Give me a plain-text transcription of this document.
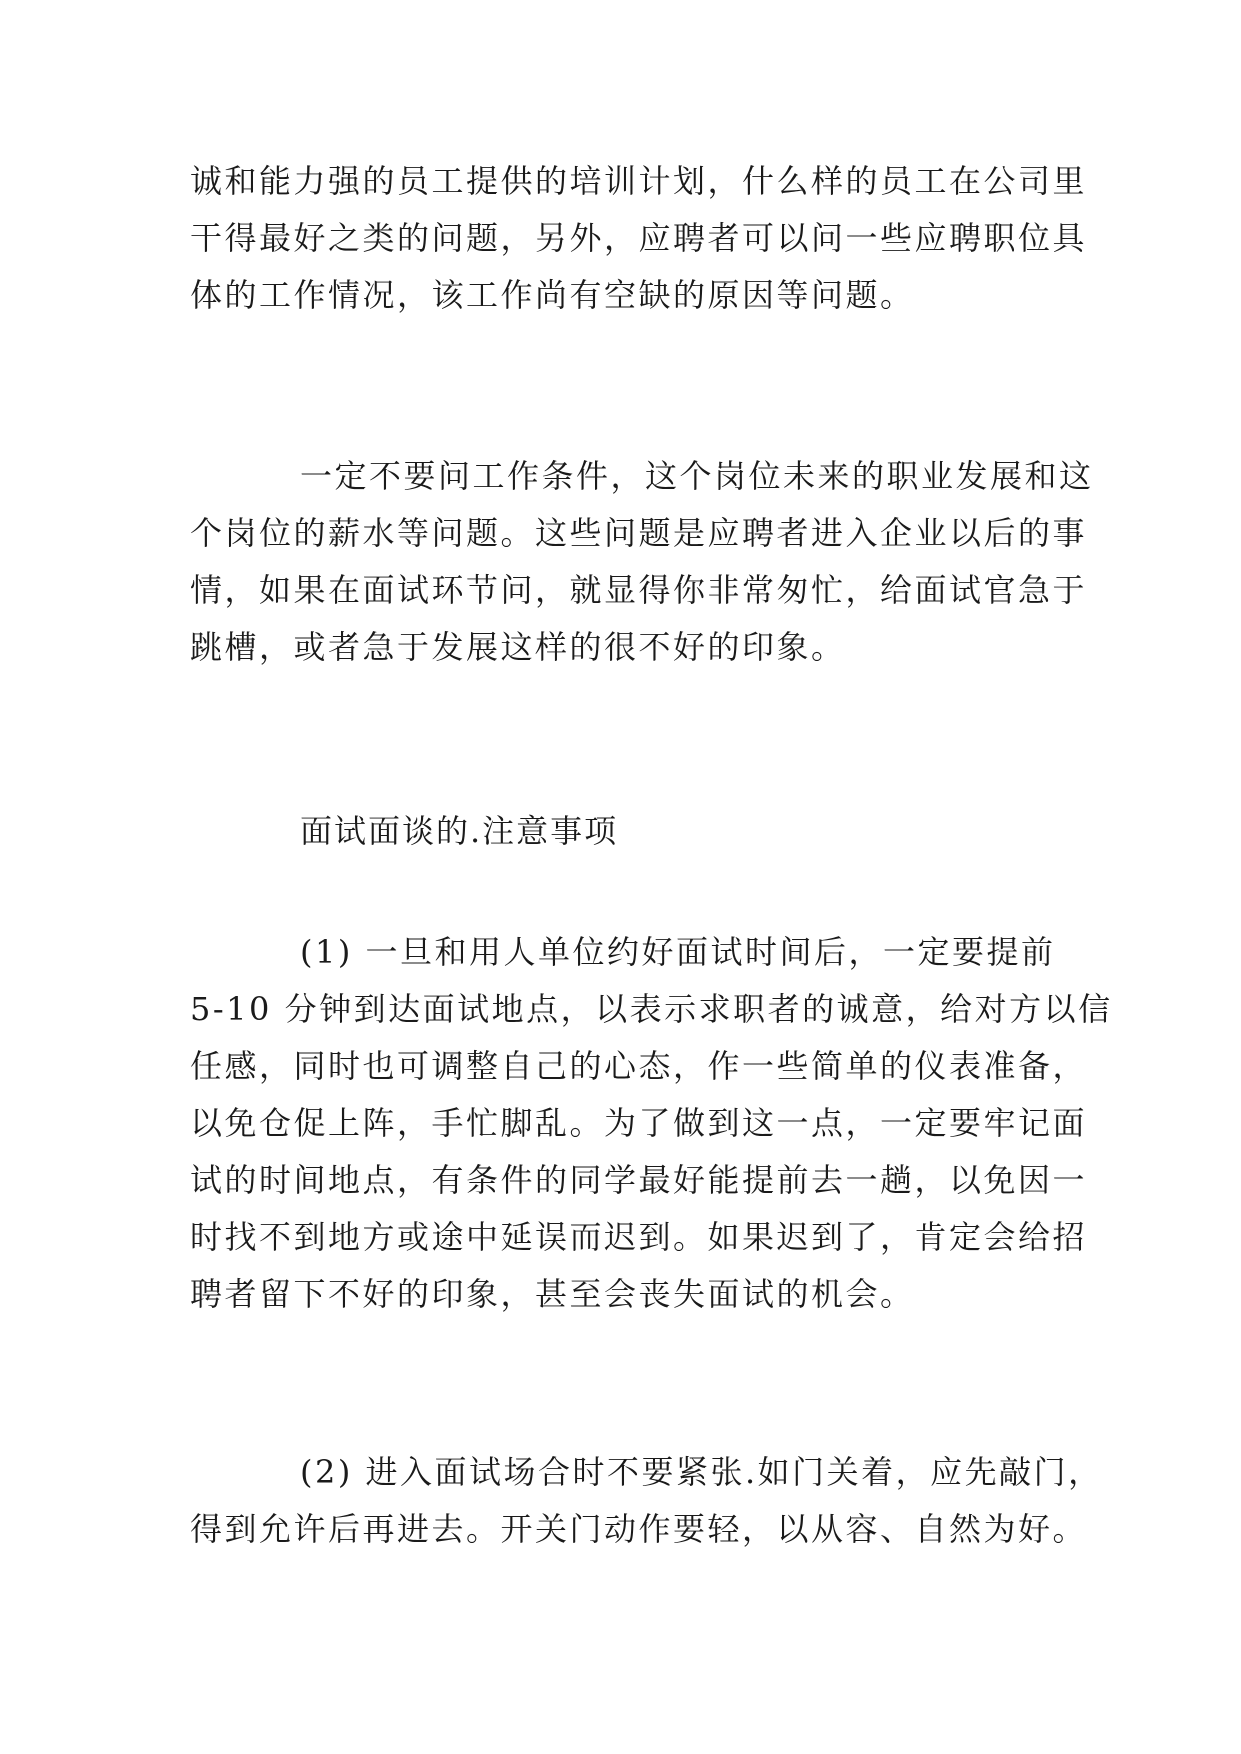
诚和能力强的员工提供的培训计划，什么样的员工在公司里
干得最好之类的问题，另外，应聘者可以问一些应聘职位具
体的工作情况，该工作尚有空缺的原因等问题。
一定不要问工作条件，这个岗位未来的职业发展和这
个岗位的薪水等问题。这些问题是应聘者进入企业以后的事
情，如果在面试环节问，就显得你非常匆忙，给面试官急于
跳槽，或者急于发展这样的很不好的印象。
面试面谈的.注意事项
(1) 一旦和用人单位约好面试时间后，一定要提前
5-10 分钟到达面试地点，以表示求职者的诚意，给对方以信
任感，同时也可调整自己的心态，作一些简单的仪表准备，
以免仓促上阵，手忙脚乱。为了做到这一点，一定要牢记面
试的时间地点，有条件的同学最好能提前去一趟，以免因一
时找不到地方或途中延误而迟到。如果迟到了，肯定会给招
聘者留下不好的印象，甚至会丧失面试的机会。
(2) 进入面试场合时不要紧张.如门关着，应先敲门，
得到允许后再进去。开关门动作要轻，以从容、自然为好。
